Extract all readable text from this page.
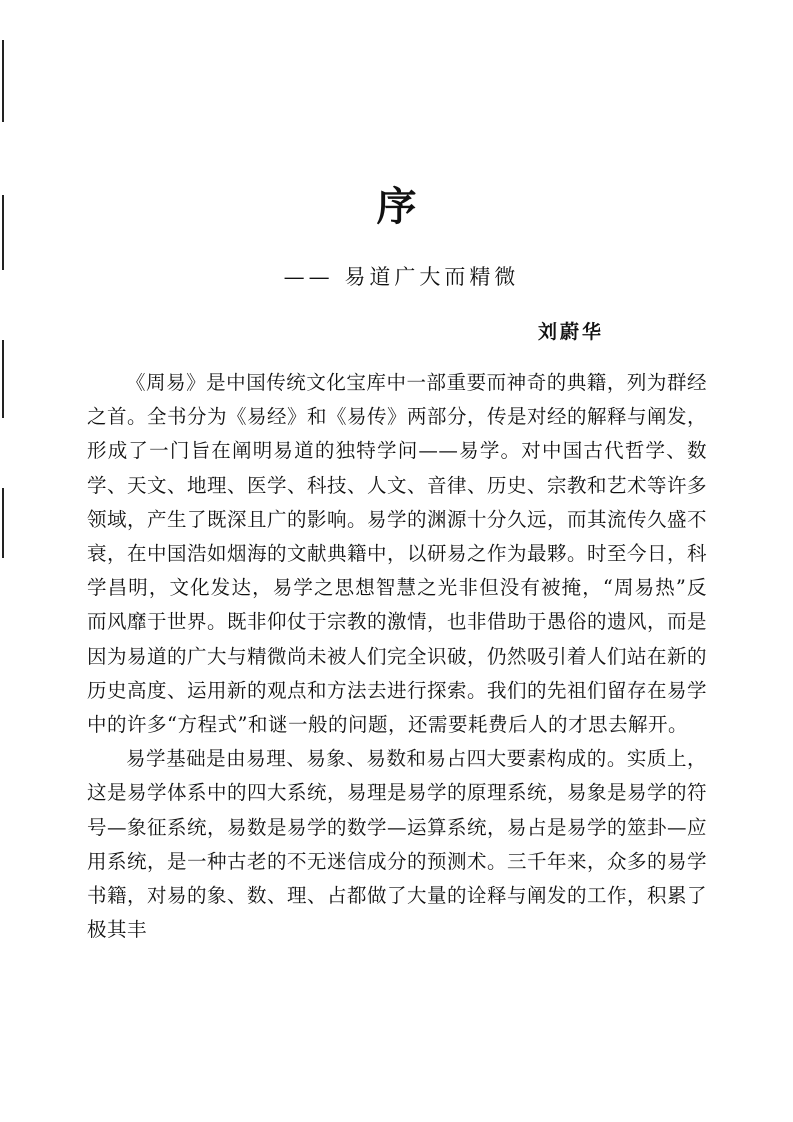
序
—— 易道广大而精微
刘蔚华

《周易》是中国传统文化宝库中一部重要而神奇的典籍，列为群经之首。全书分为《易经》和《易传》两部分，传是对经的解释与阐发，形成了一门旨在阐明易道的独特学问——易学。对中国古代哲学、数学、天文、地理、医学、科技、人文、音律、历史、宗教和艺术等许多领域，产生了既深且广的影响。易学的渊源十分久远，而其流传久盛不衰，在中国浩如烟海的文献典籍中，以研易之作为最夥。时至今日，科学昌明，文化发达，易学之思想智慧之光非但没有被掩，“周易热”反而风靡于世界。既非仰仗于宗教的激情，也非借助于愚俗的遗风，而是因为易道的广大与精微尚未被人们完全识破，仍然吸引着人们站在新的历史高度、运用新的观点和方法去进行探索。我们的先祖们留存在易学中的许多“方程式”和谜一般的问题，还需要耗费后人的才思去解开。

易学基础是由易理、易象、易数和易占四大要素构成的。实质上，这是易学体系中的四大系统，易理是易学的原理系统，易象是易学的符号—象征系统，易数是易学的数学—运算系统，易占是易学的筮卦—应用系统，是一种古老的不无迷信成分的预测术。三千年来，众多的易学书籍，对易的象、数、理、占都做了大量的诠释与阐发的工作，积累了极其丰
